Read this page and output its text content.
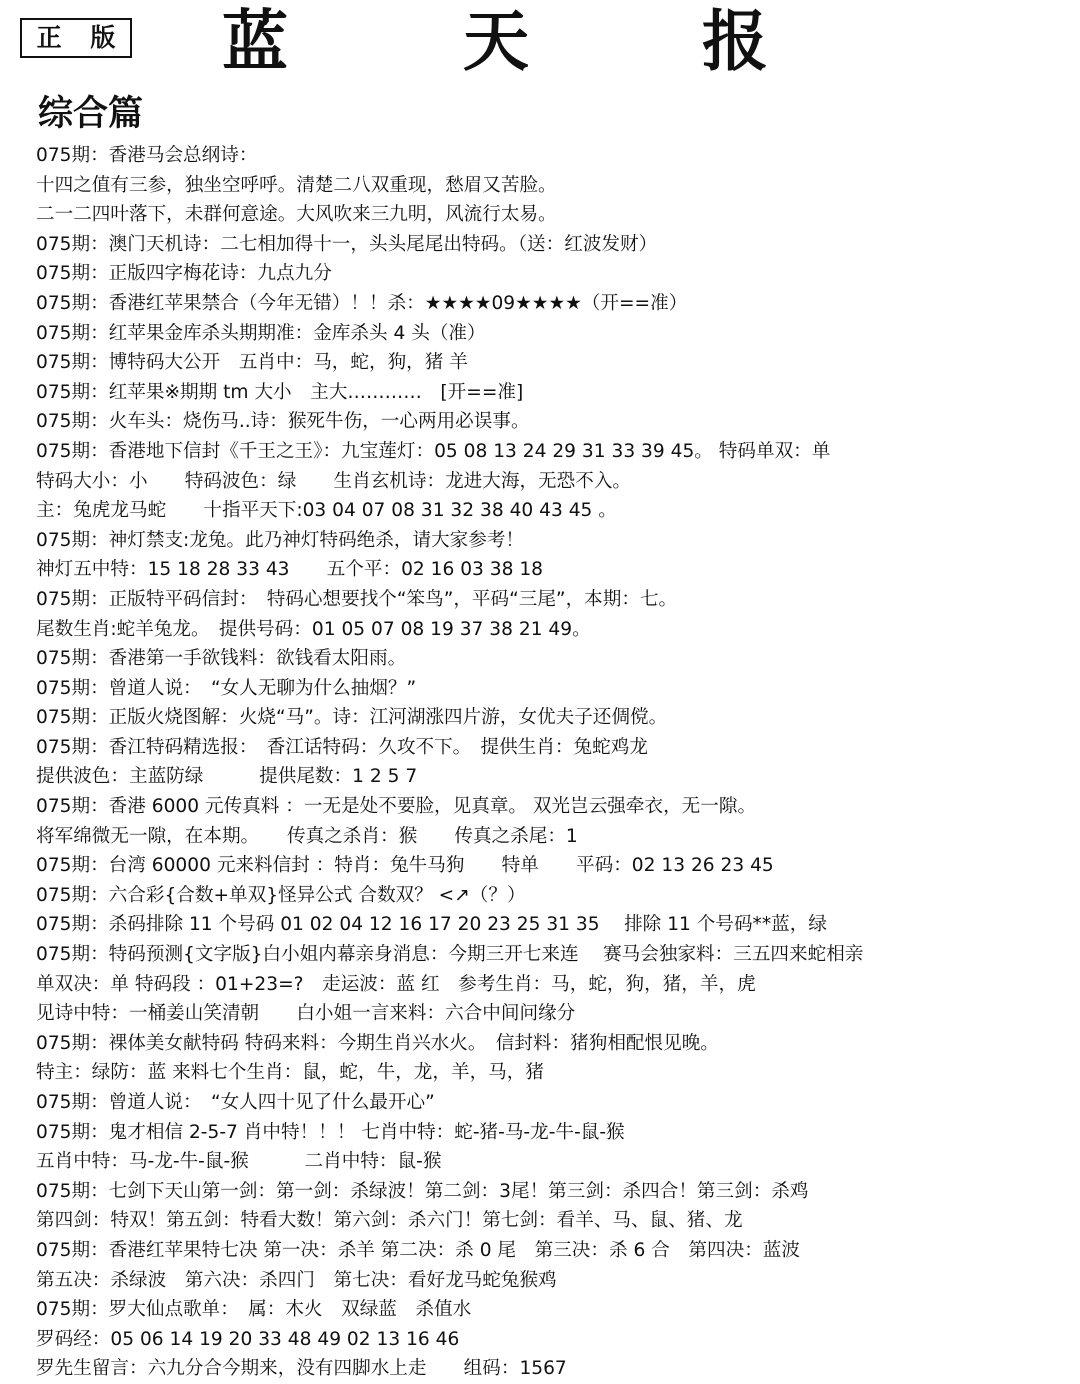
正 版 蓝	天	报
综合篇
075期：香港马会总纲诗：
十四之值有三参，独坐空呼呼。清楚二八双重现，愁眉又苦脸。
二一二四叶落下，未群何意途。大风吹来三九明，风流行太易。
075期：澳门天机诗：二七相加得十一，头头尾尾出特码。（送：红波发财）
075期：正版四字梅花诗：九点九分
075期：香港红苹果禁合（今年无错）！！杀：★★★★09★★★★（开==准）
075期：红苹果金库杀头期期准：金库杀头 4 头（准）
075期：博特码大公开　五肖中：马，蛇，狗，猪 羊
075期：红苹果※期期 tm 大小　主大…………　[开==准]
075期：火车头：烧伤马..诗：猴死牛伤，一心两用必误事。
075期：香港地下信封《千王之王》：九宝莲灯：05 08 13 24 29 31 33 39 45。 特码单双：单
特码大小：小　　特码波色：绿　　生肖玄机诗：龙进大海，无恐不入。
主：兔虎龙马蛇　　十指平天下:03 04 07 08 31 32 38 40 43 45 。
075期：神灯禁支:龙兔。此乃神灯特码绝杀，请大家参考！
神灯五中特：15 18 28 33 43　　五个平：02 16 03 38 18
075期：正版特平码信封：　特码心想要找个“笨鸟”，平码“三尾”，本期：七。
尾数生肖:蛇羊兔龙。　提供号码：01 05 07 08 19 37 38 21 49。
075期：香港第一手欲钱料：欲钱看太阳雨。
075期：曾道人说：　“女人无聊为什么抽烟？”
075期：正版火烧图解：火烧“马”。诗：江河湖涨四片游，女优夫子还倜傥。
075期：香江特码精选报：　香江话特码：久攻不下。　提供生肖：兔蛇鸡龙
提供波色：主蓝防绿　　　提供尾数：1 2 5 7
075期：香港 6000 元传真料 ：一无是处不要脸，见真章。 双光岂云强牵衣，无一隙。
将军绵微无一隙，在本期。　　传真之杀肖：猴　　传真之杀尾：1
075期：台湾 60000 元来料信封 ：特肖：兔牛马狗　　特单　　平码：02 13 26 23 45
075期：六合彩{合数+单双}怪异公式 合数双？ <↗（？）
075期：杀码排除 11 个号码 01 02 04 12 16 17 20 23 25 31 35　 排除 11 个号码**蓝，绿
075期：特码预测{文字版}白小姐内幕亲身消息：今期三开七来连　 赛马会独家料：三五四来蛇相亲
单双决：单 特码段 ：01+23=?　走运波：蓝 红　参考生肖：马，蛇，狗，猪，羊，虎
见诗中特：一桶姜山笑清朝　　白小姐一言来料：六合中间问缘分
075期：裸体美女献特码 特码来料：今期生肖兴水火。　信封料：猪狗相配恨见晚。
特主：绿防：蓝 来料七个生肖：鼠，蛇，牛，龙，羊，马，猪
075期：曾道人说：　“女人四十见了什么最开心”
075期：鬼才相信 2-5-7 肖中特！！！ 七肖中特：蛇-猪-马-龙-牛-鼠-猴
五肖中特：马-龙-牛-鼠-猴　　　二肖中特：鼠-猴
075期：七剑下天山第一剑：第一剑：杀绿波！第二剑：3尾！第三剑：杀四合！第三剑：杀鸡
第四剑：特双！第五剑：特看大数！第六剑：杀六门！第七剑：看羊、马、鼠、猪、龙
075期：香港红苹果特七决 第一决：杀羊 第二决：杀 0 尾　第三决：杀 6 合　第四决：蓝波
第五决：杀绿波　第六决：杀四门　第七决：看好龙马蛇兔猴鸡
075期：罗大仙点歌单：　属：木火　双绿蓝　杀值水
罗码经：05 06 14 19 20 33 48 49 02 13 16 46
罗先生留言：六九分合今期来，没有四脚水上走　　组码：1567
